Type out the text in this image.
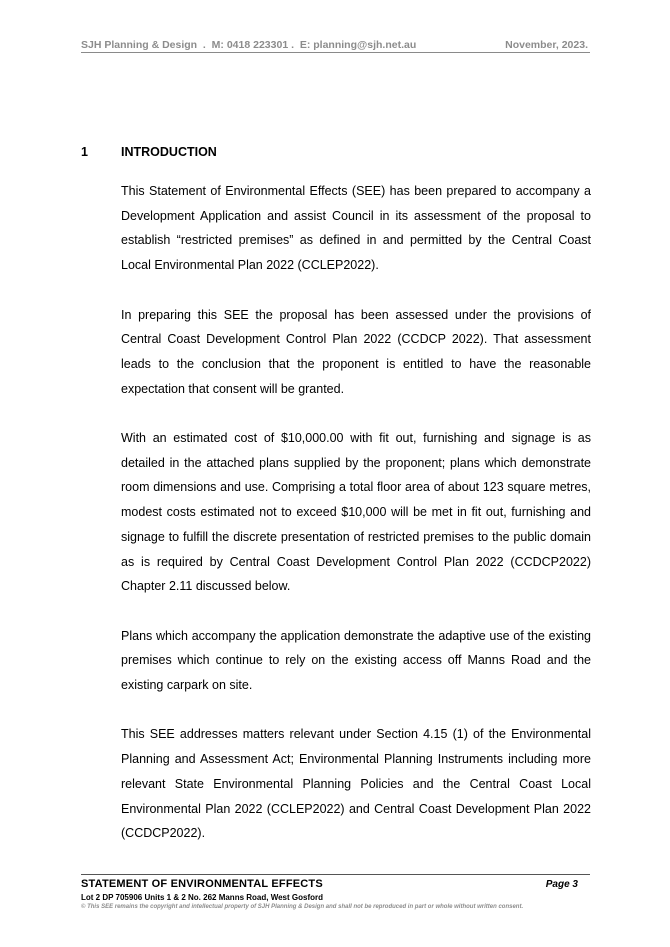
SJH Planning & Design  .  M: 0418 223301 .  E: planning@sjh.net.au	November, 2023.
1	INTRODUCTION

This Statement of Environmental Effects (SEE) has been prepared to accompany a Development Application and assist Council in its assessment of the proposal to establish “restricted premises” as defined in and permitted by the Central Coast Local Environmental Plan 2022 (CCLEP2022).

In preparing this SEE the proposal has been assessed under the provisions of Central Coast Development Control Plan 2022 (CCDCP 2022). That assessment leads to the conclusion that the proponent is entitled to have the reasonable expectation that consent will be granted.

With an estimated cost of $10,000.00 with fit out, furnishing and signage is as detailed in the attached plans supplied by the proponent; plans which demonstrate room dimensions and use. Comprising a total floor area of about 123 square metres, modest costs estimated not to exceed $10,000 will be met in fit out, furnishing and signage to fulfill the discrete presentation of restricted premises to the public domain as is required by Central Coast Development Control Plan 2022 (CCDCP2022) Chapter 2.11 discussed below.

Plans which accompany the application demonstrate the adaptive use of the existing premises which continue to rely on the existing access off Manns Road and the existing carpark on site.

This SEE addresses matters relevant under Section 4.15 (1) of the Environmental Planning and Assessment Act; Environmental Planning Instruments including more relevant State Environmental Planning Policies and the Central Coast Local Environmental Plan 2022 (CCLEP2022) and Central Coast Development Plan 2022 (CCDCP2022).

STATEMENT OF ENVIRONMENTAL EFFECTS	Page 3
Lot 2 DP 705906 Units 1 & 2 No. 262 Manns Road, West Gosford
© This SEE remains the copyright and intellectual property of SJH Planning & Design and shall not be reproduced in part or whole without written consent.
